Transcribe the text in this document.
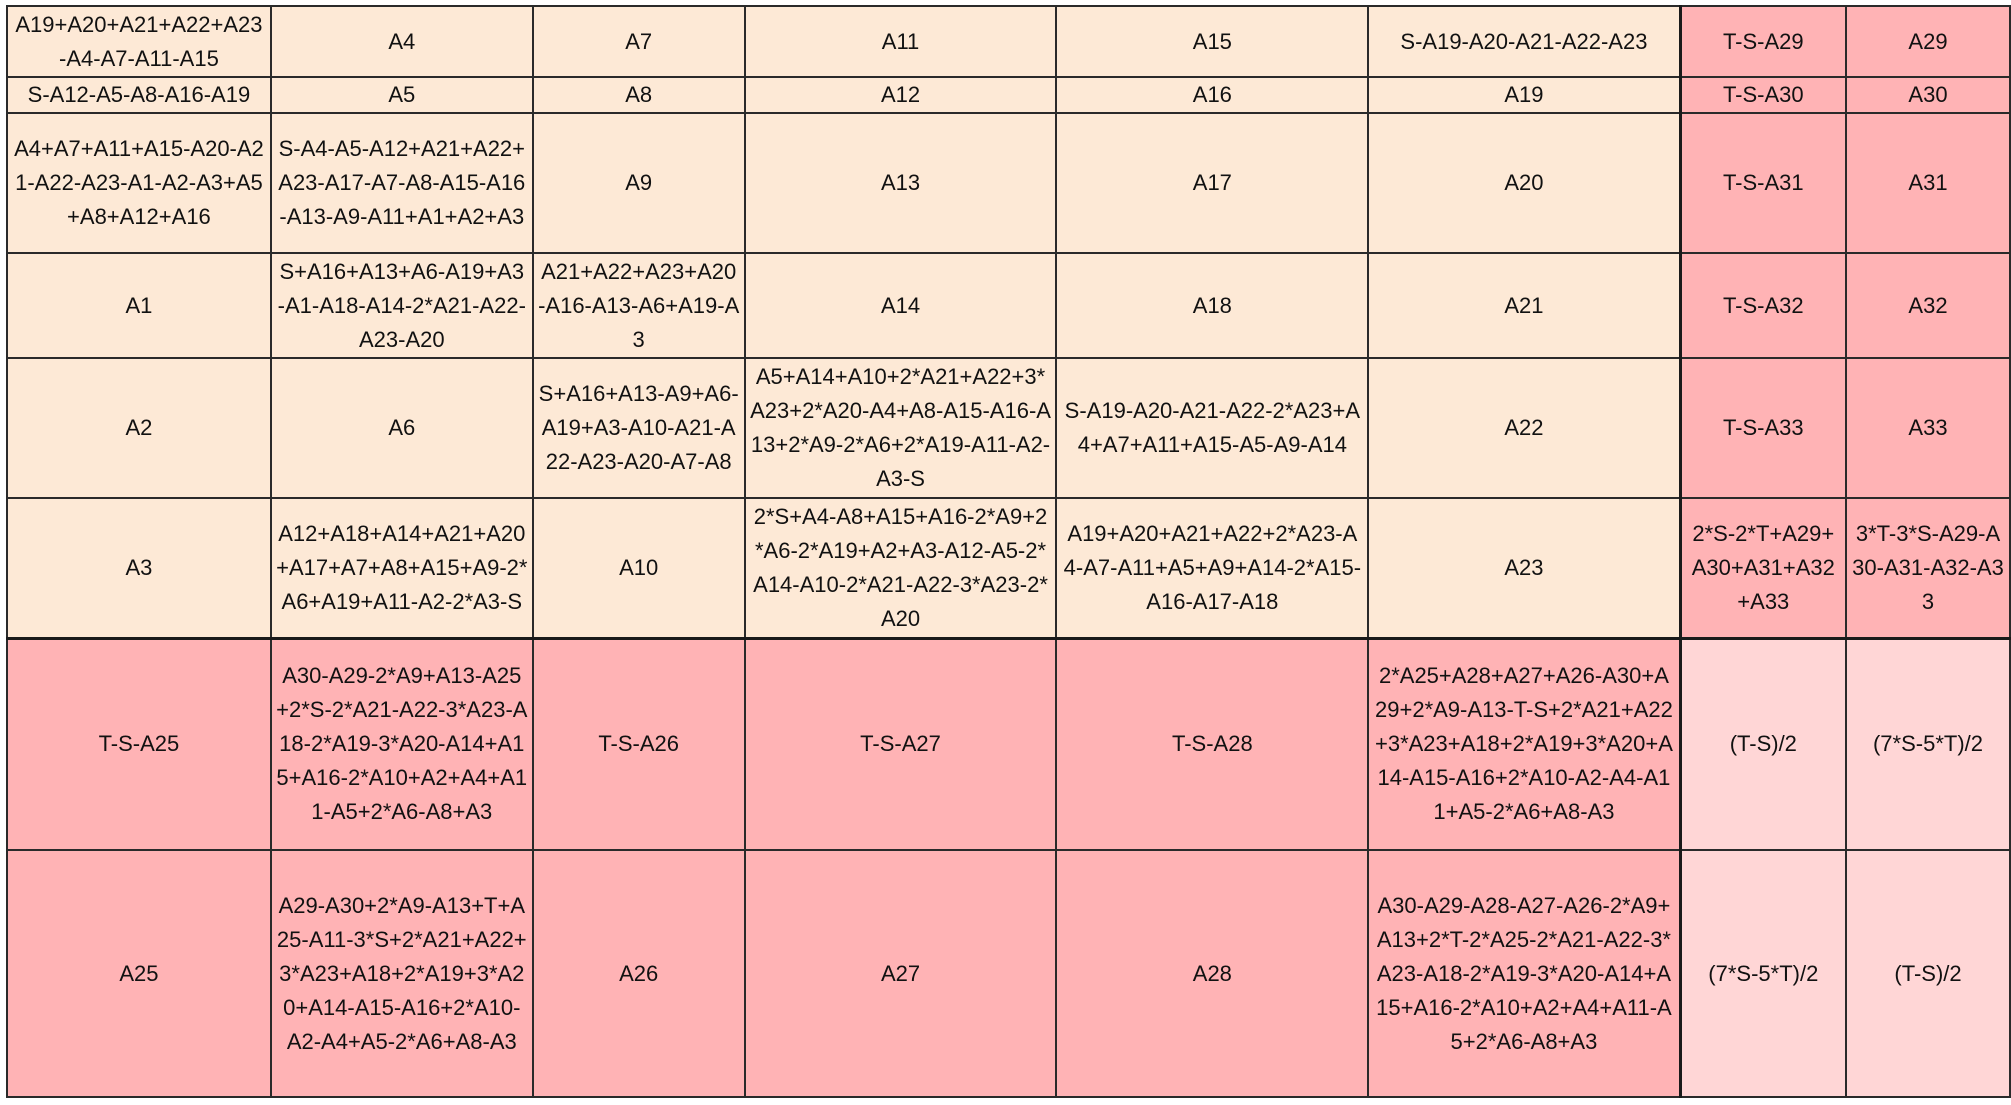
A19+A20+A21+A22+A23-A4-A7-A11-A15	A4	A7	A11	A15	S-A19-A20-A21-A22-A23	T-S-A29	A29
S-A12-A5-A8-A16-A19	A5	A8	A12	A16	A19	T-S-A30	A30
A4+A7+A11+A15-A20-A21-A22-A23-A1-A2-A3+A5+A8+A12+A16	S-A4-A5-A12+A21+A22+A23-A17-A7-A8-A15-A16-A13-A9-A11+A1+A2+A3	A9	A13	A17	A20	T-S-A31	A31
A1	S+A16+A13+A6-A19+A3-A1-A18-A14-2*A21-A22-A23-A20	A21+A22+A23+A20-A16-A13-A6+A19-A3	A14	A18	A21	T-S-A32	A32
A2	A6	S+A16+A13-A9+A6-A19+A3-A10-A21-A22-A23-A20-A7-A8	A5+A14+A10+2*A21+A22+3*A23+2*A20-A4+A8-A15-A16-A13+2*A9-2*A6+2*A19-A11-A2-A3-S	S-A19-A20-A21-A22-2*A23+A4+A7+A11+A15-A5-A9-A14	A22	T-S-A33	A33
A3	A12+A18+A14+A21+A20+A17+A7+A8+A15+A9-2*A6+A19+A11-A2-2*A3-S	A10	2*S+A4-A8+A15+A16-2*A9+2*A6-2*A19+A2+A3-A12-A5-2*A14-A10-2*A21-A22-3*A23-2*A20	A19+A20+A21+A22+2*A23-A4-A7-A11+A5+A9+A14-2*A15-A16-A17-A18	A23	2*S-2*T+A29+A30+A31+A32+A33	3*T-3*S-A29-A30-A31-A32-A33
T-S-A25	A30-A29-2*A9+A13-A25+2*S-2*A21-A22-3*A23-A18-2*A19-3*A20-A14+A15+A16-2*A10+A2+A4+A11-A5+2*A6-A8+A3	T-S-A26	T-S-A27	T-S-A28	2*A25+A28+A27+A26-A30+A29+2*A9-A13-T-S+2*A21+A22+3*A23+A18+2*A19+3*A20+A14-A15-A16+2*A10-A2-A4-A11+A5-2*A6+A8-A3	(T-S)/2	(7*S-5*T)/2
A25	A29-A30+2*A9-A13+T+A25-A11-3*S+2*A21+A22+3*A23+A18+2*A19+3*A20+A14-A15-A16+2*A10-A2-A4+A5-2*A6+A8-A3	A26	A27	A28	A30-A29-A28-A27-A26-2*A9+A13+2*T-2*A25-2*A21-A22-3*A23-A18-2*A19-3*A20-A14+A15+A16-2*A10+A2+A4+A11-A5+2*A6-A8+A3	(7*S-5*T)/2	(T-S)/2
